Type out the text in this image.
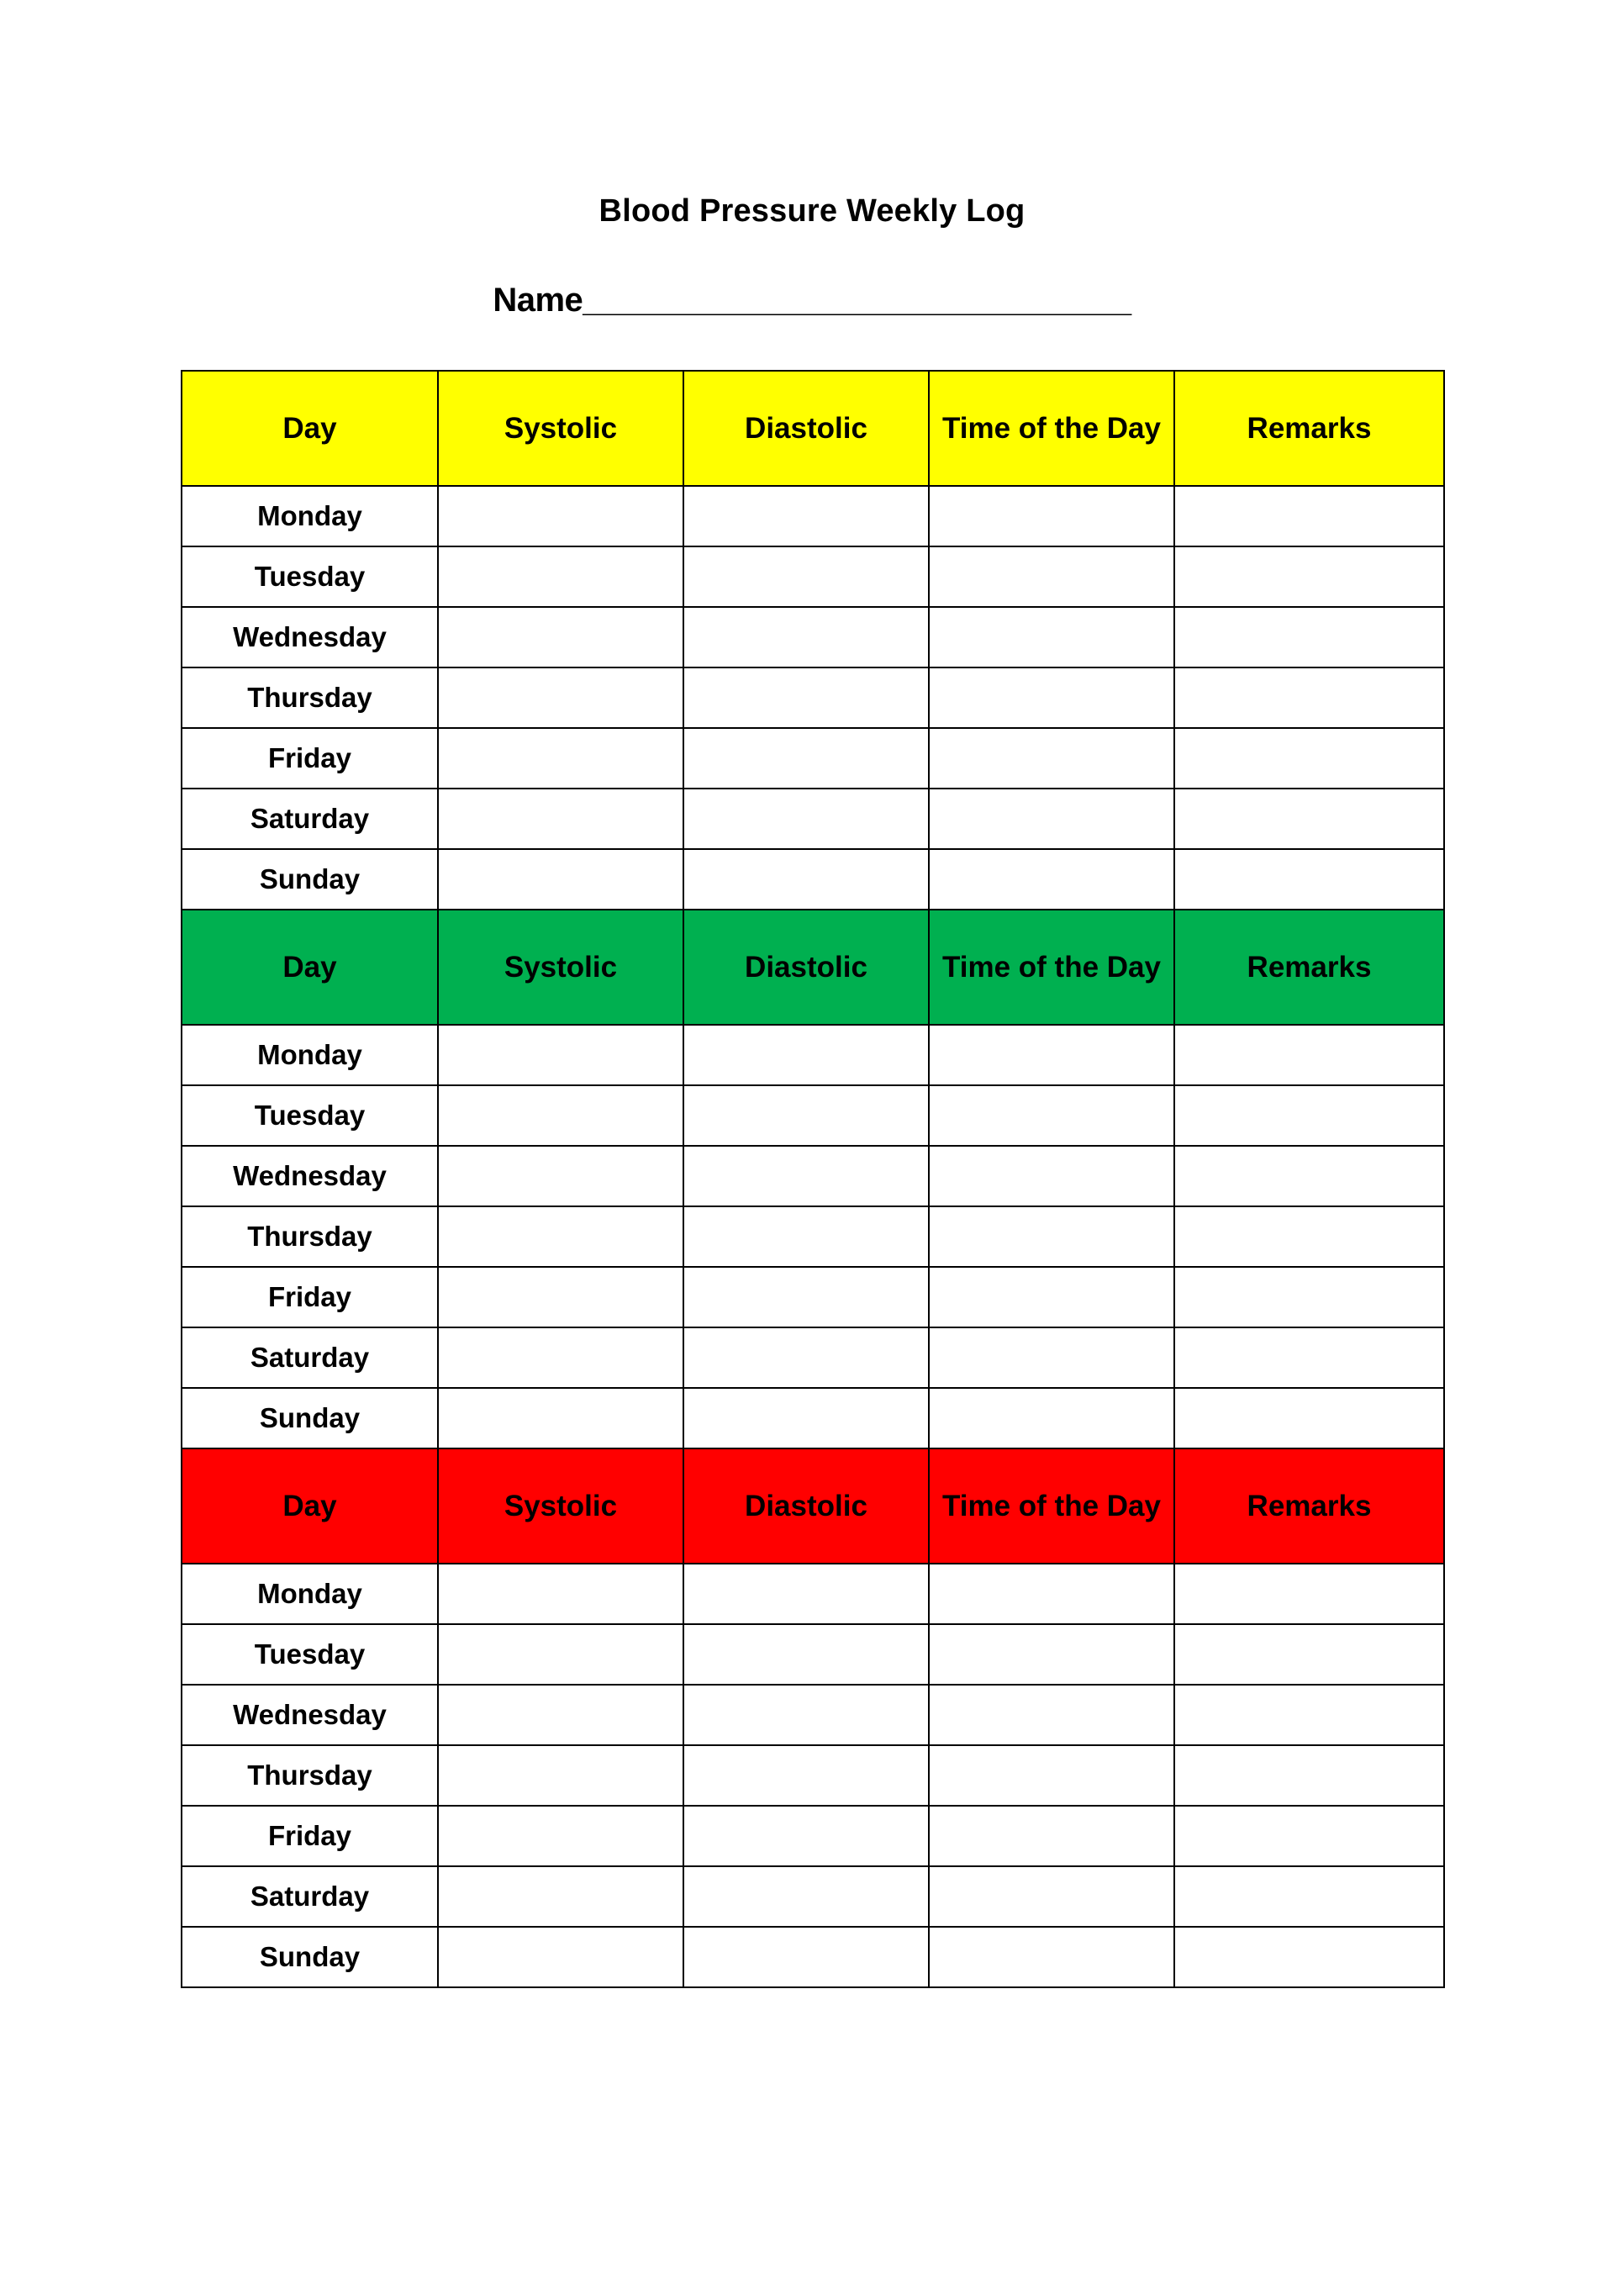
Blood Pressure Weekly Log
Name______________________________
Day	Systolic	Diastolic	Time of the Day	Remarks
Monday				
Tuesday				
Wednesday				
Thursday				
Friday				
Saturday				
Sunday				
Day	Systolic	Diastolic	Time of the Day	Remarks
Monday				
Tuesday				
Wednesday				
Thursday				
Friday				
Saturday				
Sunday				
Day	Systolic	Diastolic	Time of the Day	Remarks
Monday				
Tuesday				
Wednesday				
Thursday				
Friday				
Saturday				
Sunday				
